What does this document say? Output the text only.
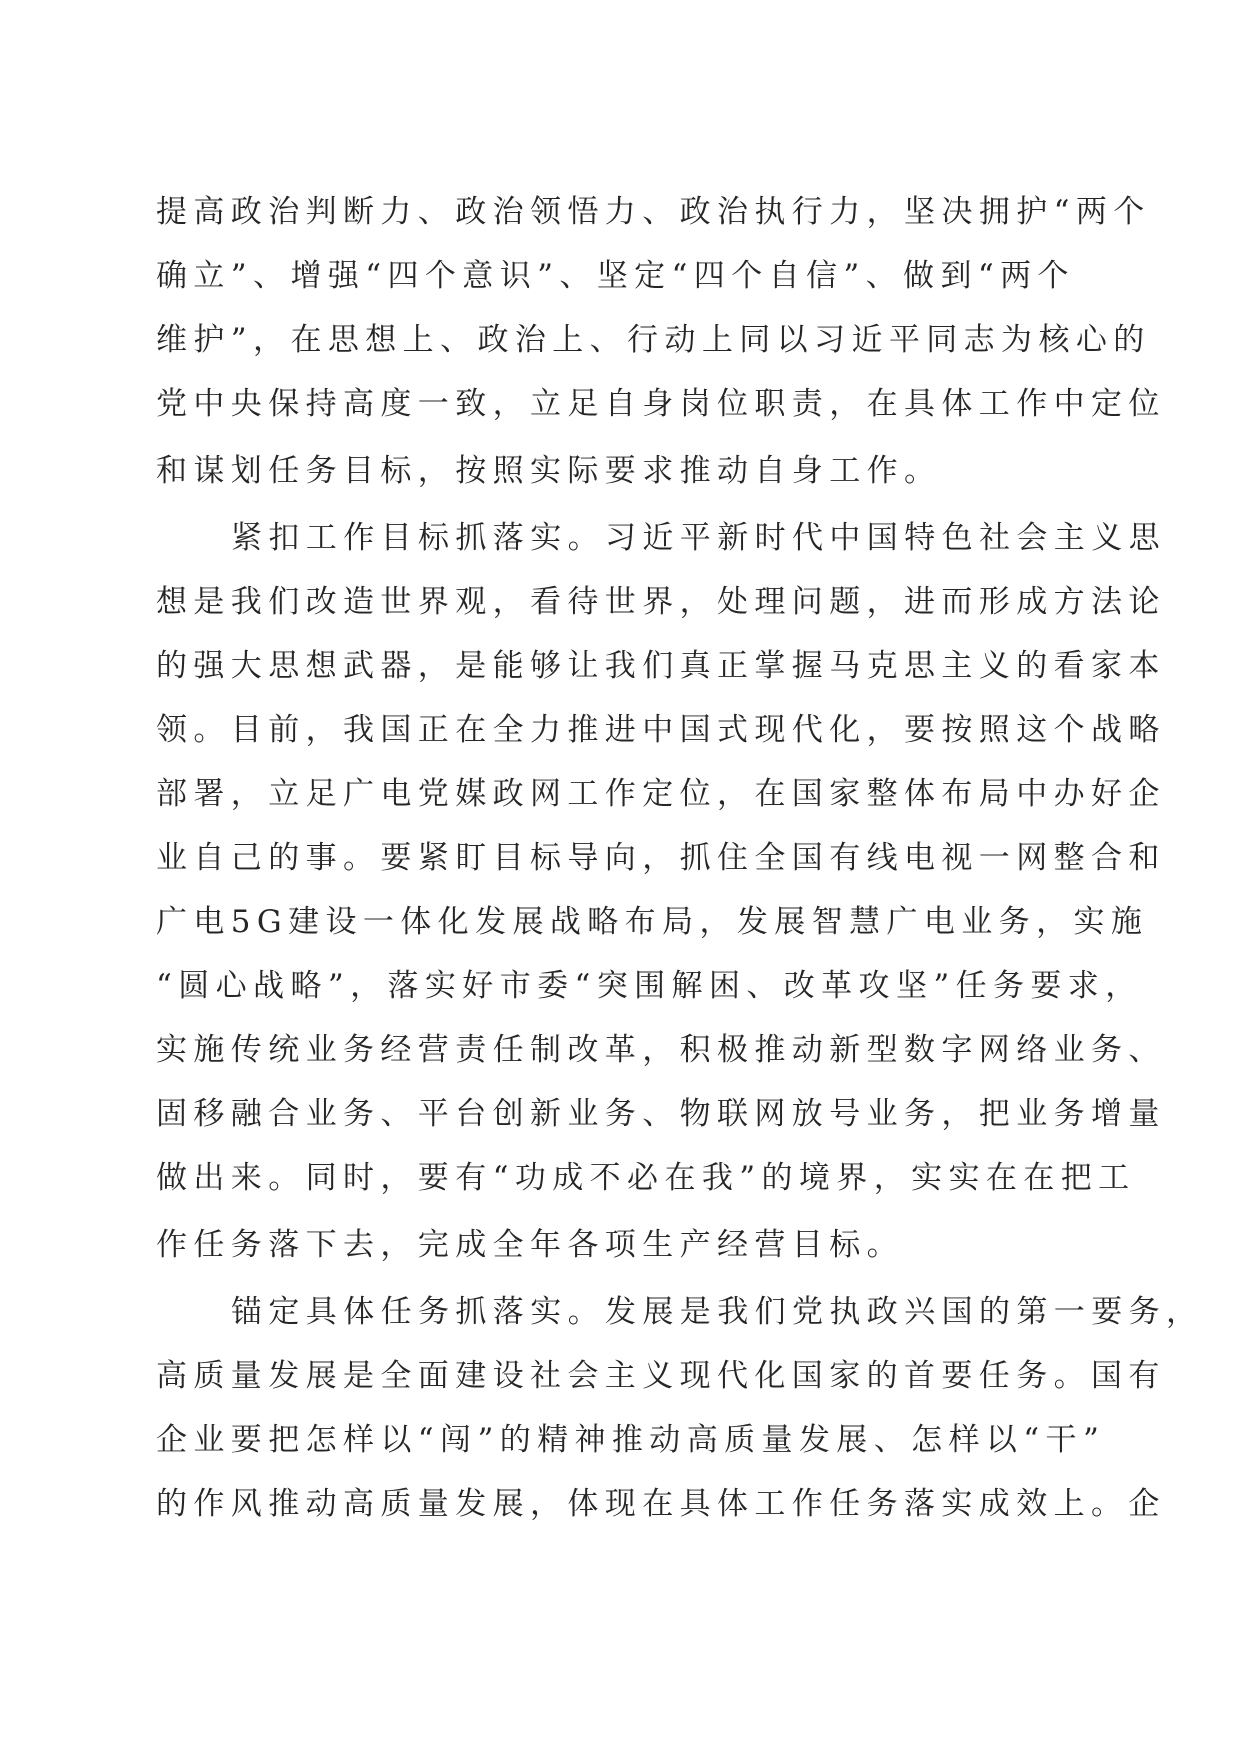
提高政治判断力、政治领悟力、政治执行力，坚决拥护“两个
确立”、增强“四个意识”、坚定“四个自信”、做到“两个
维护”，在思想上、政治上、行动上同以习近平同志为核心的
党中央保持高度一致，立足自身岗位职责，在具体工作中定位
和谋划任务目标，按照实际要求推动自身工作。
紧扣工作目标抓落实。习近平新时代中国特色社会主义思
想是我们改造世界观，看待世界，处理问题，进而形成方法论
的强大思想武器，是能够让我们真正掌握马克思主义的看家本
领。目前，我国正在全力推进中国式现代化，要按照这个战略
部署，立足广电党媒政网工作定位，在国家整体布局中办好企
业自己的事。要紧盯目标导向，抓住全国有线电视一网整合和
广电5G建设一体化发展战略布局，发展智慧广电业务，实施
“圆心战略”，落实好市委“突围解困、改革攻坚”任务要求，
实施传统业务经营责任制改革，积极推动新型数字网络业务、
固移融合业务、平台创新业务、物联网放号业务，把业务增量
做出来。同时，要有“功成不必在我”的境界，实实在在把工
作任务落下去，完成全年各项生产经营目标。
锚定具体任务抓落实。发展是我们党执政兴国的第一要务，
高质量发展是全面建设社会主义现代化国家的首要任务。国有
企业要把怎样以“闯”的精神推动高质量发展、怎样以“干”
的作风推动高质量发展，体现在具体工作任务落实成效上。企
